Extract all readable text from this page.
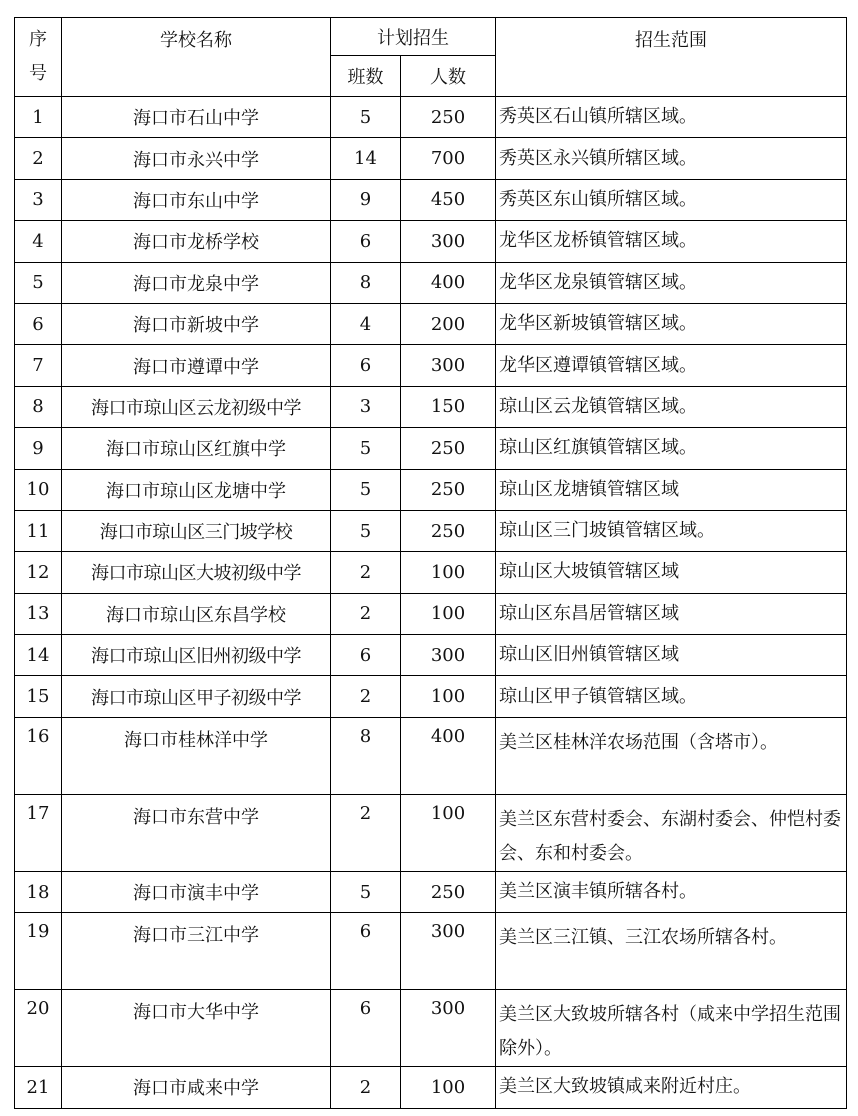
序号	学校名称	计划招生		招生范围
		班数	人数	
1	海口市石山中学	5	250	秀英区石山镇所辖区域。
2	海口市永兴中学	14	700	秀英区永兴镇所辖区域。
3	海口市东山中学	9	450	秀英区东山镇所辖区域。
4	海口市龙桥学校	6	300	龙华区龙桥镇管辖区域。
5	海口市龙泉中学	8	400	龙华区龙泉镇管辖区域。
6	海口市新坡中学	4	200	龙华区新坡镇管辖区域。
7	海口市遵谭中学	6	300	龙华区遵谭镇管辖区域。
8	海口市琼山区云龙初级中学	3	150	琼山区云龙镇管辖区域。
9	海口市琼山区红旗中学	5	250	琼山区红旗镇管辖区域。
10	海口市琼山区龙塘中学	5	250	琼山区龙塘镇管辖区域
11	海口市琼山区三门坡学校	5	250	琼山区三门坡镇管辖区域。
12	海口市琼山区大坡初级中学	2	100	琼山区大坡镇管辖区域
13	海口市琼山区东昌学校	2	100	琼山区东昌居管辖区域
14	海口市琼山区旧州初级中学	6	300	琼山区旧州镇管辖区域
15	海口市琼山区甲子初级中学	2	100	琼山区甲子镇管辖区域。
16	海口市桂林洋中学	8	400	美兰区桂林洋农场范围（含塔市）。
17	海口市东营中学	2	100	美兰区东营村委会、东湖村委会、仲恺村委会、东和村委会。
18	海口市演丰中学	5	250	美兰区演丰镇所辖各村。
19	海口市三江中学	6	300	美兰区三江镇、三江农场所辖各村。
20	海口市大华中学	6	300	美兰区大致坡所辖各村（咸来中学招生范围除外）。
21	海口市咸来中学	2	100	美兰区大致坡镇咸来附近村庄。
